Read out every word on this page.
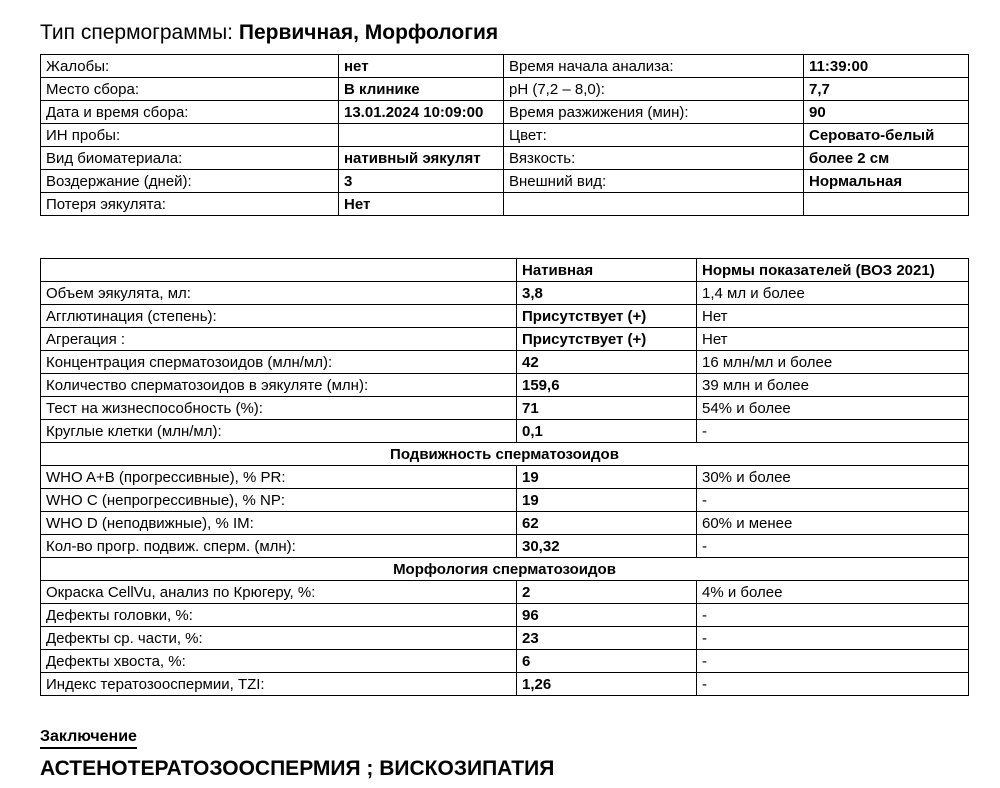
Тип спермограммы: Первичная, Морфология
Жалобы:	нет	Время начала анализа:	11:39:00
Место сбора:	В клинике	pH (7,2 – 8,0):	7,7
Дата и время сбора:	13.01.2024 10:09:00	Время разжижения (мин):	90
ИН пробы:		Цвет:	Серовато-белый
Вид биоматериала:	нативный эякулят	Вязкость:	более 2 см
Воздержание (дней):	3	Внешний вид:	Нормальная
Потеря эякулята:	Нет		
	Нативная	Нормы показателей (ВОЗ 2021)
Объем эякулята, мл:	3,8	1,4 мл и более
Агглютинация (степень):	Присутствует (+)	Нет
Агрегация :	Присутствует (+)	Нет
Концентрация сперматозоидов (млн/мл):	42	16 млн/мл и более
Количество сперматозоидов в эякуляте (млн):	159,6	39 млн и более
Тест на жизнеспособность (%):	71	54% и более
Круглые клетки (млн/мл):	0,1	-
Подвижность сперматозоидов		
WHO A+B (прогрессивные), % PR:	19	30% и более
WHO C (непрогрессивные), % NP:	19	-
WHO D (неподвижные), % IM:	62	60% и менее
Кол-во прогр. подвиж. сперм. (млн):	30,32	-
Морфология сперматозоидов		
Окраска CellVu, анализ по Крюгеру, %:	2	4% и более
Дефекты головки, %:	96	-
Дефекты ср. части, %:	23	-
Дефекты хвоста, %:	6	-
Индекс тератозооспермии, TZI:	1,26	-
Заключение
АСТЕНОТЕРАТОЗООСПЕРМИЯ ; ВИСКОЗИПАТИЯ
